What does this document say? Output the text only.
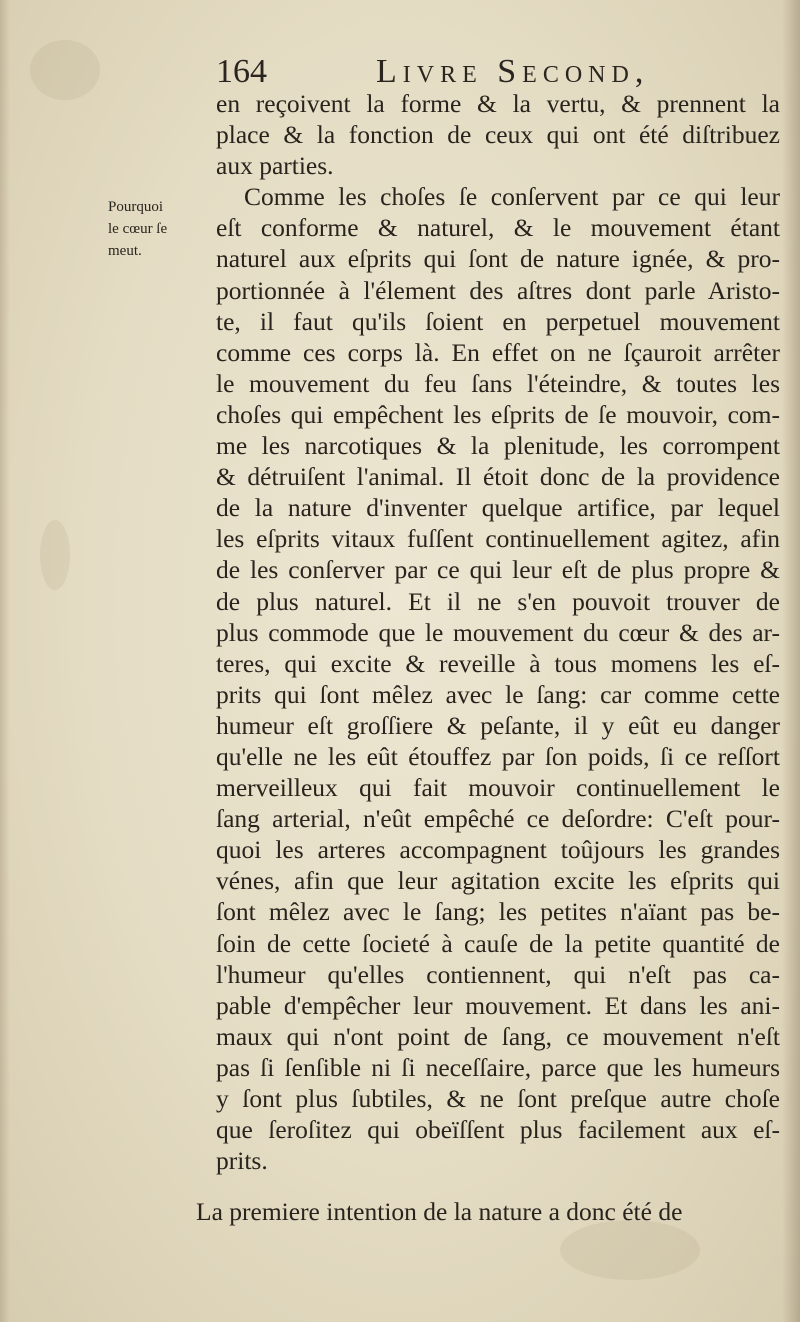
164	Livre Second,
Pourquoi
le cœur ſe
meut.
en reçoivent la forme & la vertu, & prennent la
place & la fonction de ceux qui ont été diſtribuez
aux parties.
Comme les choſes ſe conſervent par ce qui leur
eſt conforme & naturel, & le mouvement étant
naturel aux eſprits qui ſont de nature ignée, & pro-
portionnée à l'élement des aſtres dont parle Aristo-
te, il faut qu'ils ſoient en perpetuel mouvement
comme ces corps là. En effet on ne ſçauroit arrêter
le mouvement du feu ſans l'éteindre, & toutes les
choſes qui empêchent les eſprits de ſe mouvoir, com-
me les narcotiques & la plenitude, les corrompent
& détruiſent l'animal. Il étoit donc de la providence
de la nature d'inventer quelque artifice, par lequel
les eſprits vitaux fuſſent continuellement agitez, afin
de les conſerver par ce qui leur eſt de plus propre &
de plus naturel. Et il ne s'en pouvoit trouver de
plus commode que le mouvement du cœur & des ar-
teres, qui excite & reveille à tous momens les eſ-
prits qui ſont mêlez avec le ſang: car comme cette
humeur eſt groſſiere & peſante, il y eût eu danger
qu'elle ne les eût étouffez par ſon poids, ſi ce reſſort
merveilleux qui fait mouvoir continuellement le
ſang arterial, n'eût empêché ce deſordre: C'eſt pour-
quoi les arteres accompagnent toûjours les grandes
vénes, afin que leur agitation excite les eſprits qui
ſont mêlez avec le ſang; les petites n'aïant pas be-
ſoin de cette ſocieté à cauſe de la petite quantité de
l'humeur qu'elles contiennent, qui n'eſt pas ca-
pable d'empêcher leur mouvement. Et dans les ani-
maux qui n'ont point de ſang, ce mouvement n'eſt
pas ſi ſenſible ni ſi neceſſaire, parce que les humeurs
y ſont plus ſubtiles, & ne ſont preſque autre choſe
que ſeroſitez qui obeïſſent plus facilement aux eſ-
prits.
La premiere intention de la nature a donc été de
